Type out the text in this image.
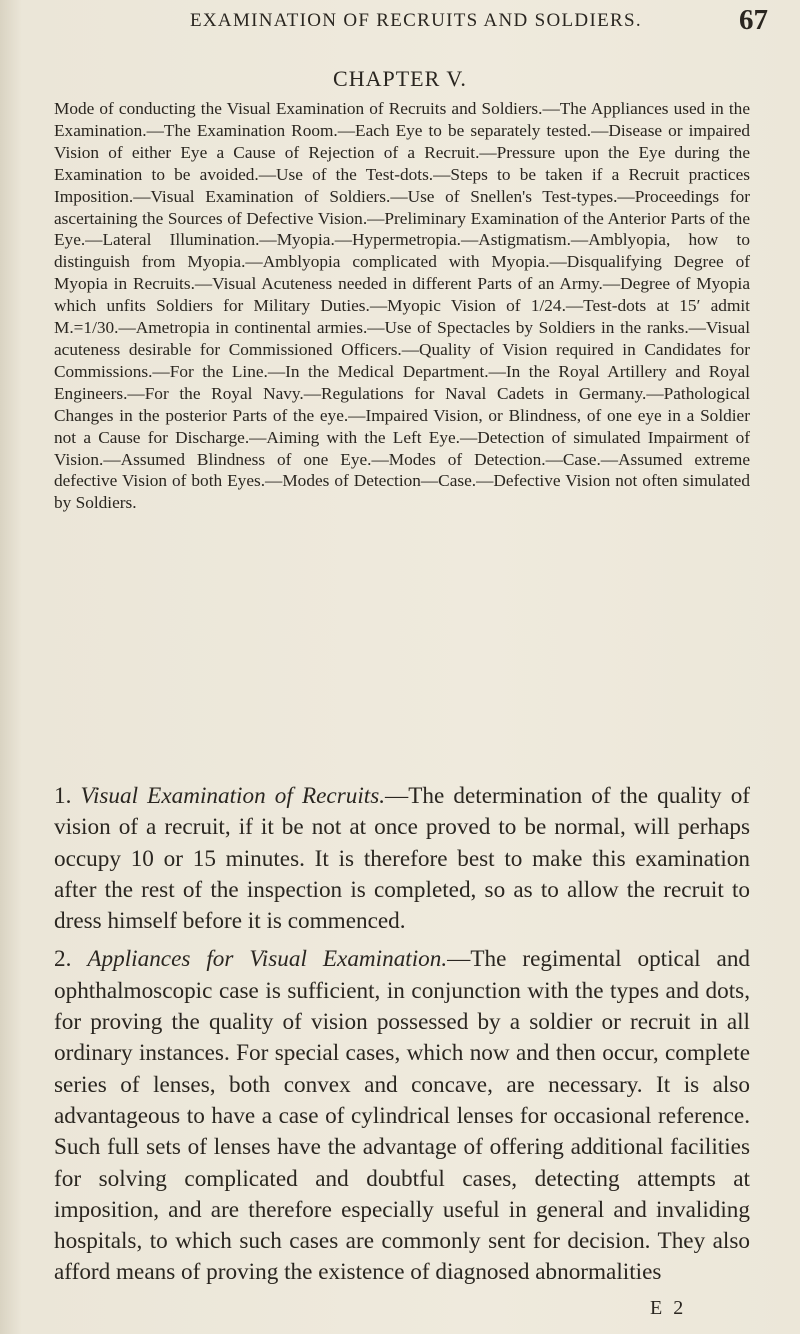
EXAMINATION OF RECRUITS AND SOLDIERS.	67
CHAPTER V.
Mode of conducting the Visual Examination of Recruits and Soldiers.—The Appliances used in the Examination.—The Examination Room.—Each Eye to be separately tested.—Disease or impaired Vision of either Eye a Cause of Rejection of a Recruit.—Pressure upon the Eye during the Examination to be avoided.—Use of the Test-dots.—Steps to be taken if a Recruit practices Imposition.—Visual Examination of Soldiers.—Use of Snellen's Test-types.—Proceedings for ascertaining the Sources of Defective Vision.—Preliminary Examination of the Anterior Parts of the Eye.—Lateral Illumination.—Myopia.—Hypermetropia.—Astigmatism.—Amblyopia, how to distinguish from Myopia.—Amblyopia complicated with Myopia.—Disqualifying Degree of Myopia in Recruits.—Visual Acuteness needed in different Parts of an Army.—Degree of Myopia which unfits Soldiers for Military Duties.—Myopic Vision of 1/24.—Test-dots at 15′ admit M.=1/30.—Ametropia in continental armies.—Use of Spectacles by Soldiers in the ranks.—Visual acuteness desirable for Commissioned Officers.—Quality of Vision required in Candidates for Commissions.—For the Line.—In the Medical Department.—In the Royal Artillery and Royal Engineers.—For the Royal Navy.—Regulations for Naval Cadets in Germany.—Pathological Changes in the posterior Parts of the eye.—Impaired Vision, or Blindness, of one eye in a Soldier not a Cause for Discharge.—Aiming with the Left Eye.—Detection of simulated Impairment of Vision.—Assumed Blindness of one Eye.—Modes of Detection.—Case.—Assumed extreme defective Vision of both Eyes.—Modes of Detection—Case.—Defective Vision not often simulated by Soldiers.

1. Visual Examination of Recruits.—The determination of the quality of vision of a recruit, if it be not at once proved to be normal, will perhaps occupy 10 or 15 minutes. It is therefore best to make this examination after the rest of the inspection is completed, so as to allow the recruit to dress himself before it is commenced.

2. Appliances for Visual Examination.—The regimental optical and ophthalmoscopic case is sufficient, in conjunction with the types and dots, for proving the quality of vision possessed by a soldier or recruit in all ordinary instances. For special cases, which now and then occur, complete series of lenses, both convex and concave, are necessary. It is also advantageous to have a case of cylindrical lenses for occasional reference. Such full sets of lenses have the advantage of offering additional facilities for solving complicated and doubtful cases, detecting attempts at imposition, and are therefore especially useful in general and invaliding hospitals, to which such cases are commonly sent for decision. They also afford means of proving the existence of diagnosed abnormalities

E 2
